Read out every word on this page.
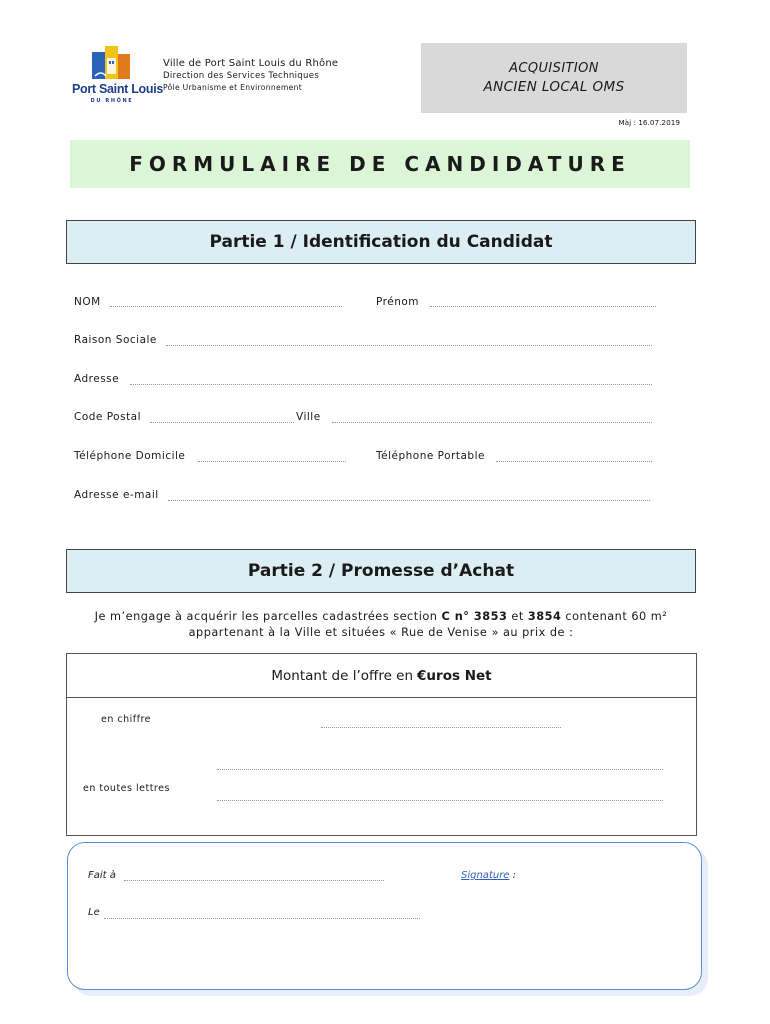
Port Saint Louis
DU RHÔNE
Ville de Port Saint Louis du Rhône
Direction des Services Techniques
Pôle Urbanisme et Environnement
ACQUISITION
ANCIEN LOCAL OMS
Màj : 16.07.2019
FORMULAIRE DE CANDIDATURE
Partie 1 / Identification du Candidat
NOM	Prénom
Raison Sociale
Adresse
Code Postal	Ville
Téléphone Domicile	Téléphone Portable
Adresse e-mail
Partie 2 / Promesse d’Achat
Je m’engage à acquérir les parcelles cadastrées section C n° 3853 et 3854 contenant 60 m²
appartenant à la Ville et situées « Rue de Venise » au prix de :
Montant de l’offre en €uros Net
en chiffre
en toutes lettres
Fait à	Signature :
Le
